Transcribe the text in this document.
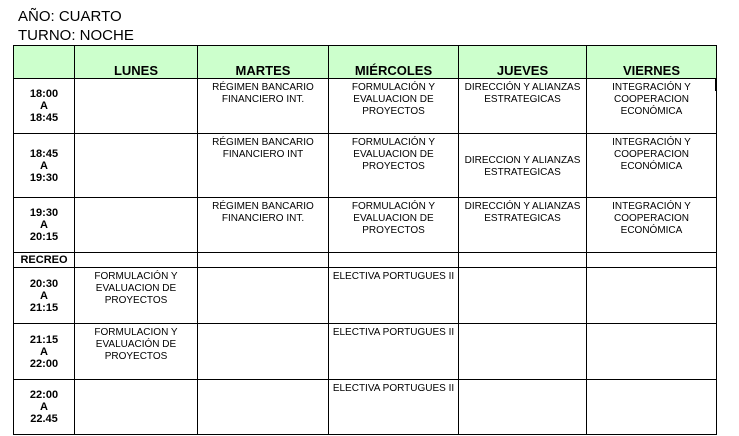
AÑO: CUARTO
TURNO: NOCHE
	LUNES	MARTES	MIÉRCOLES	JUEVES	VIERNES

18:00
A
18:45		RÉGIMEN BANCARIO FINANCIERO INT.	FORMULACIÓN Y EVALUACION DE PROYECTOS	DIRECCIÓN Y ALIANZAS ESTRATEGICAS	INTEGRACIÓN Y COOPERACION ECONÓMICA

18:45
A
19:30		RÉGIMEN BANCARIO FINANCIERO INT	FORMULACIÓN Y EVALUACION DE PROYECTOS	DIRECCION Y ALIANZAS ESTRATEGICAS	INTEGRACIÓN Y COOPERACION ECONÓMICA

19:30
A
20:15		RÉGIMEN BANCARIO FINANCIERO INT.	FORMULACIÓN Y EVALUACION DE PROYECTOS	DIRECCIÓN Y ALIANZAS ESTRATEGICAS	INTEGRACIÓN Y COOPERACION ECONÓMICA

RECREO					

20:30
A
21:15	FORMULACIÓN Y EVALUACION DE PROYECTOS		ELECTIVA PORTUGUES II		

21:15
A
22:00	FORMULACION Y EVALUACIÓN DE PROYECTOS		ELECTIVA PORTUGUES II		

22:00
A
22.45			ELECTIVA PORTUGUES II		
